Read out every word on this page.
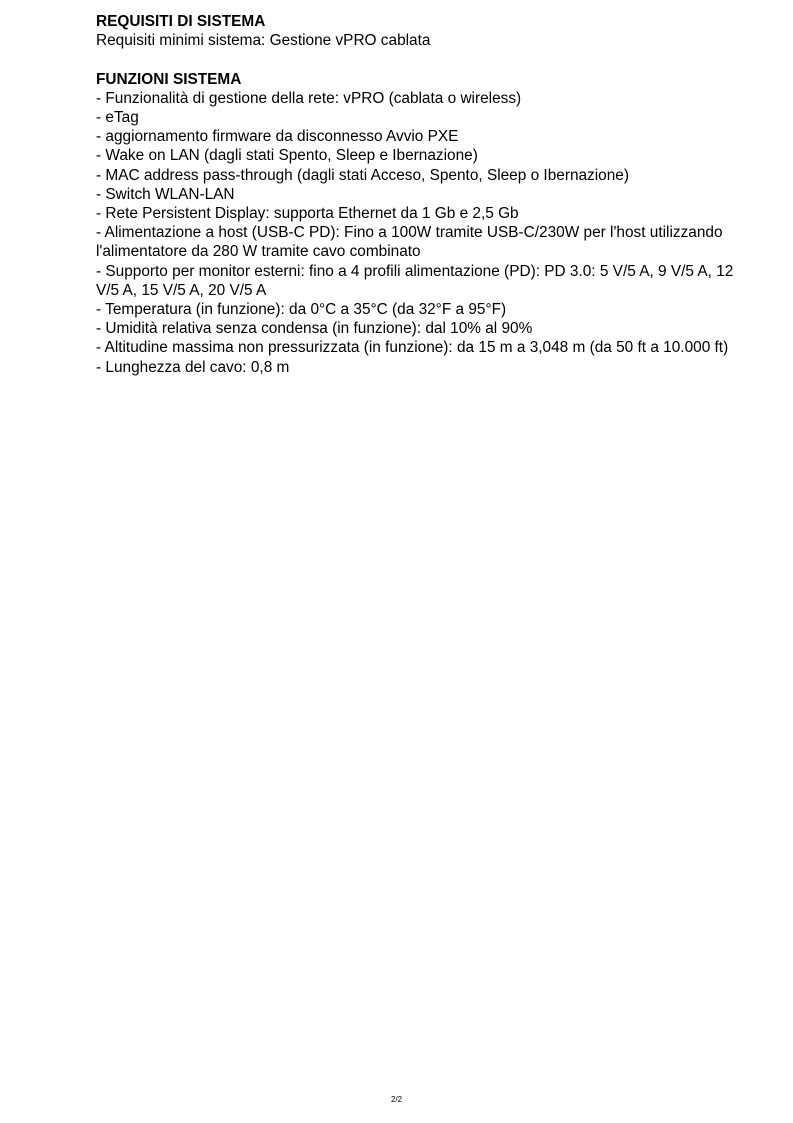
REQUISITI DI SISTEMA

Requisiti minimi sistema: Gestione vPRO cablata

FUNZIONI SISTEMA

- Funzionalità di gestione della rete: vPRO (cablata o wireless)
- eTag
- aggiornamento firmware da disconnesso Avvio PXE
- Wake on LAN (dagli stati Spento, Sleep e Ibernazione)
- MAC address pass-through (dagli stati Acceso, Spento, Sleep o Ibernazione)
- Switch WLAN-LAN
- Rete Persistent Display: supporta Ethernet da 1 Gb e 2,5 Gb
- Alimentazione a host (USB-C PD): Fino a 100W tramite USB-C/230W per l'host utilizzando l'alimentatore da 280 W tramite cavo combinato
- Supporto per monitor esterni: fino a 4 profili alimentazione (PD): PD 3.0: 5 V/5 A, 9 V/5 A, 12 V/5 A, 15 V/5 A, 20 V/5 A
- Temperatura (in funzione): da 0°C a 35°C (da 32°F a 95°F)
- Umidità relativa senza condensa (in funzione): dal 10% al 90%
- Altitudine massima non pressurizzata (in funzione): da 15 m a 3,048 m (da 50 ft a 10.000 ft)
- Lunghezza del cavo: 0,8 m
2/2
